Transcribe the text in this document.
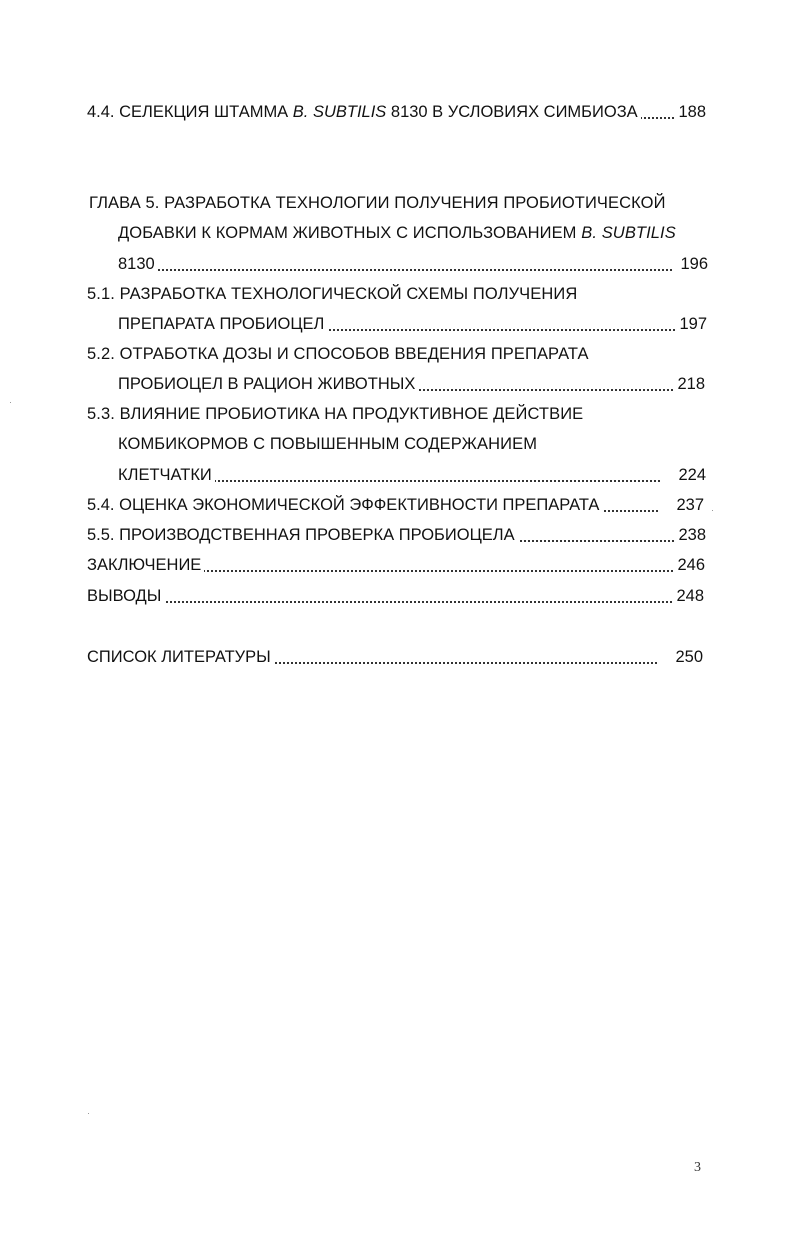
4.4. СЕЛЕКЦИЯ ШТАММА B. SUBTILIS 8130 В УСЛОВИЯХ СИМБИОЗА 188
ГЛАВА 5. РАЗРАБОТКА ТЕХНОЛОГИИ ПОЛУЧЕНИЯ ПРОБИОТИЧЕСКОЙ
ДОБАВКИ К КОРМАМ ЖИВОТНЫХ С ИСПОЛЬЗОВАНИЕМ B. SUBTILIS
8130	196
5.1. РАЗРАБОТКА ТЕХНОЛОГИЧЕСКОЙ СХЕМЫ ПОЛУЧЕНИЯ
ПРЕПАРАТА ПРОБИОЦЕЛ	197
5.2. ОТРАБОТКА ДОЗЫ И СПОСОБОВ ВВЕДЕНИЯ ПРЕПАРАТА
ПРОБИОЦЕЛ В РАЦИОН ЖИВОТНЫХ	218
5.3. ВЛИЯНИЕ ПРОБИОТИКА НА ПРОДУКТИВНОЕ ДЕЙСТВИЕ
КОМБИКОРМОВ С ПОВЫШЕННЫМ СОДЕРЖАНИЕМ
КЛЕТЧАТКИ	224
5.4. ОЦЕНКА ЭКОНОМИЧЕСКОЙ ЭФФЕКТИВНОСТИ ПРЕПАРАТА	237
5.5. ПРОИЗВОДСТВЕННАЯ ПРОВЕРКА ПРОБИОЦЕЛА	238
ЗАКЛЮЧЕНИЕ	246
ВЫВОДЫ	248
СПИСОК ЛИТЕРАТУРЫ	250
3
